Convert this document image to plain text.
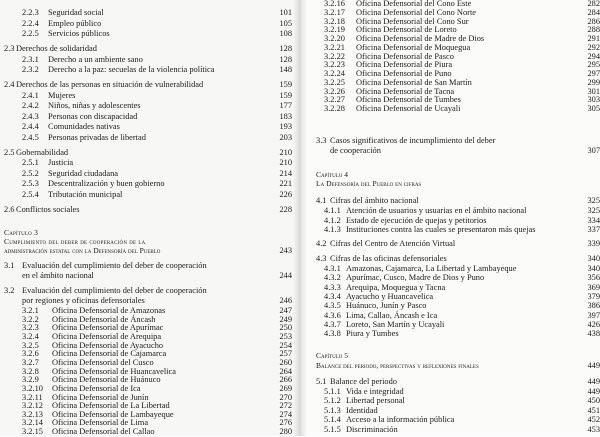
2.2.3 Seguridad social	101
2.2.4 Empleo público	105
2.2.5 Servicios públicos	108
2.3 Derechos de solidaridad	128
2.3.1 Derecho a un ambiente sano	128
2.3.2 Derecho a la paz: secuelas de la violencia política	148
2.4 Derechos de las personas en situación de vulnerabilidad	159
2.4.1 Mujeres	159
2.4.2 Niños, niñas y adolescentes	177
2.4.3 Personas con discapacidad	183
2.4.4 Comunidades nativas	193
2.4.5 Personas privadas de libertad	203
2.5 Gobernabilidad	210
2.5.1 Justicia	210
2.5.2 Seguridad ciudadana	214
2.5.3 Descentralización y buen gobierno	221
2.5.4 Tributación municipal	226
2.6 Conflictos sociales	228
Capítulo 3
Cumplimiento del deber de cooperación de la
administración estatal con la Defensoría del Pueblo	243
3.1 Evaluación del cumplimiento del deber de cooperación
en el ámbito nacional	244
3.2 Evaluación del cumplimiento del deber de cooperación
por regiones y oficinas defensoriales	246
3.2.1 Oficina Defensorial de Amazonas	247
3.2.2 Oficina Defensorial de Áncash	249
3.2.3 Oficina Defensorial de Apurímac	250
3.2.4 Oficina Defensorial de Arequipa	253
3.2.5 Oficina Defensorial de Ayacucho	254
3.2.6 Oficina Defensorial de Cajamarca	257
3.2.7 Oficina Defensorial del Cusco	260
3.2.8 Oficina Defensorial de Huancavelica	264
3.2.9 Oficina Defensorial de Huánuco	266
3.2.10 Oficina Defensorial de Ica	269
3.2.11 Oficina Defensorial de Junín	270
3.2.12 Oficina Defensorial de La Libertad	272
3.2.13 Oficina Defensorial de Lambayeque	274
3.2.14 Oficina Defensorial de Lima	276
3.2.15 Oficina Defensorial del Callao	280
3.2.16 Oficina Defensorial del Cono Este	282
3.2.17 Oficina Defensorial del Cono Norte	284
3.2.18 Oficina Defensorial del Cono Sur	286
3.2.19 Oficina Defensorial de Loreto	288
3.2.20 Oficina Defensorial de Madre de Dios	291
3.2.21 Oficina Defensorial de Moquegua	292
3.2.22 Oficina Defensorial de Pasco	294
3.2.23 Oficina Defensorial de Piura	295
3.2.24 Oficina Defensorial de Puno	297
3.2.25 Oficina Defensorial de San Martín	299
3.2.26 Oficina Defensorial de Tacna	301
3.2.27 Oficina Defensorial de Tumbes	303
3.2.28 Oficina Defensorial de Ucayali	305
3.3 Casos significativos de incumplimiento del deber
de cooperación	307
Capítulo 4
La Defensoría del Pueblo en cifras
4.1 Cifras del ámbito nacional	325
4.1.1 Atención de usuarios y usuarias en el ámbito nacional	325
4.1.2 Estado de ejecución de quejas y petitorios	334
4.1.3 Instituciones contra las cuales se presentaron más quejas	337
4.2 Cifras del Centro de Atención Virtual	339
4.3 Cifras de las oficinas defensoriales	340
4.3.1 Amazonas, Cajamarca, La Libertad y Lambayeque	340
4.3.2 Apurímac, Cusco, Madre de Dios y Puno	356
4.3.3 Arequipa, Moquegua y Tacna	369
4.3.4 Ayacucho y Huancavelica	379
4.3.5 Huánuco, Junín y Pasco	386
4.3.6 Lima, Callao, Áncash e Ica	397
4.3.7 Loreto, San Martín y Ucayali	426
4.3.8 Piura y Tumbes	438
Capítulo 5
Balance del periodo, perspectivas y reflexiones finales	449
5.1 Balance del periodo	449
5.1.1 Vida e integridad	449
5.1.2 Libertad personal	450
5.1.3 Identidad	451
5.1.4 Acceso a la información pública	452
5.1.5 Discriminación	453
